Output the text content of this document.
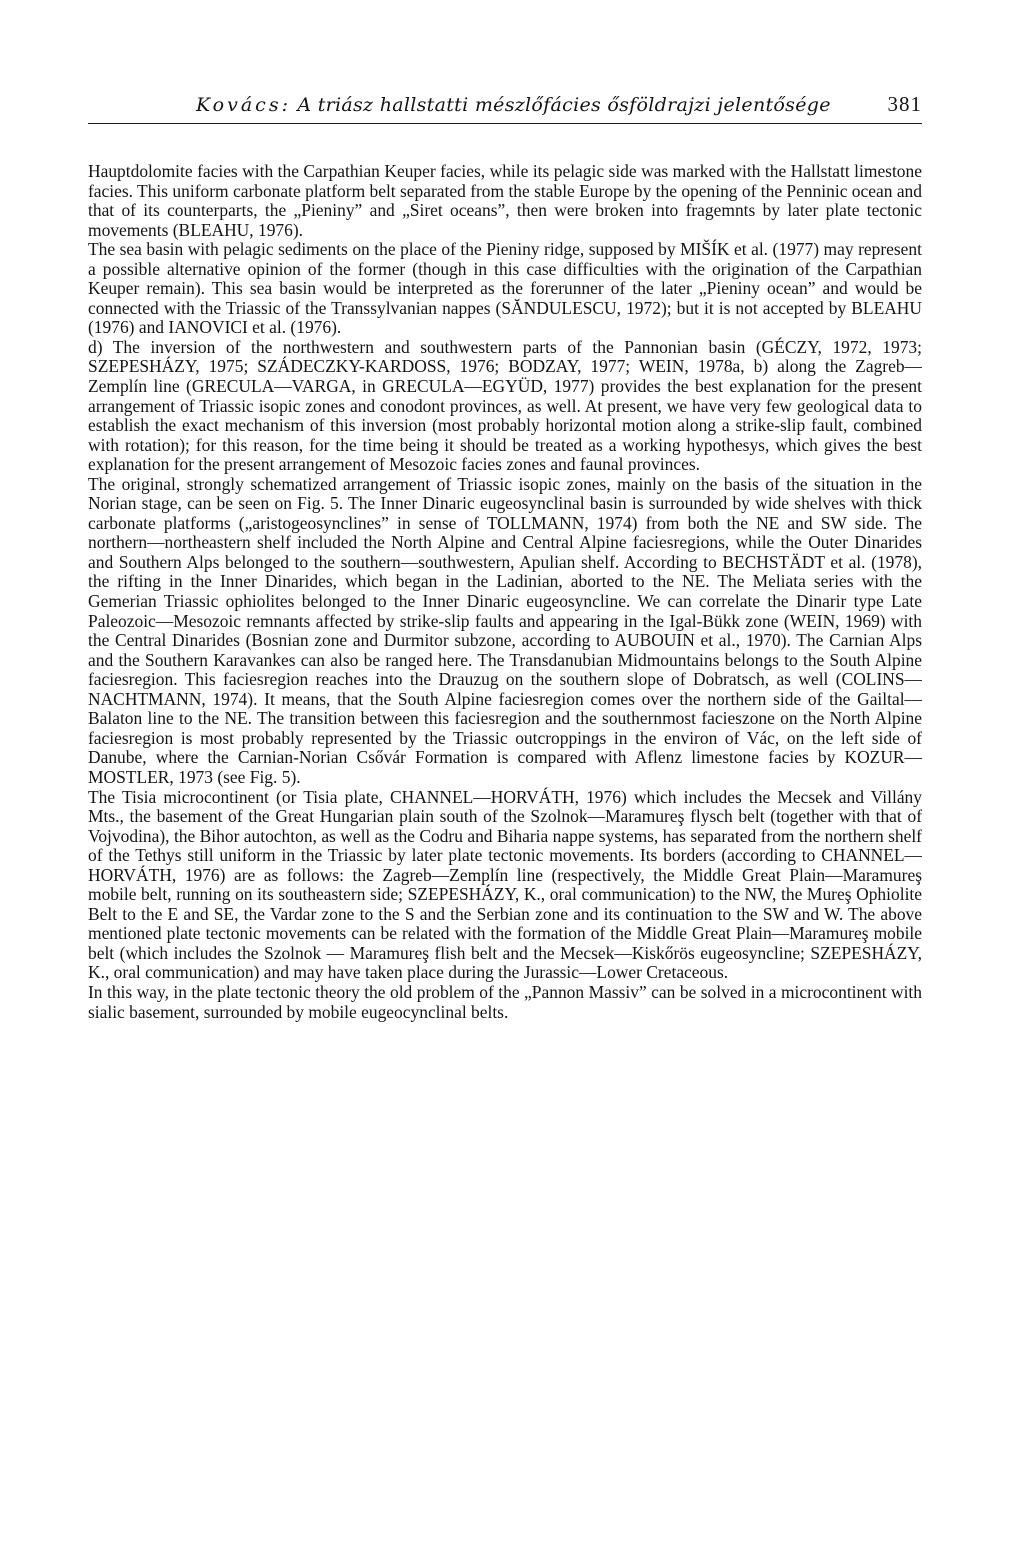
Kovács: A triász hallstatti mészlőfácies ősföldrajzi jelentősége	381

Hauptdolomite facies with the Carpathian Keuper facies, while its pelagic side was marked with the Hallstatt limestone facies. This uniform carbonate platform belt separated from the stable Europe by the opening of the Penninic ocean and that of its counterparts, the „Pieniny” and „Siret oceans”, then were broken into fragemnts by later plate tectonic movements (BLEAHU, 1976).

The sea basin with pelagic sediments on the place of the Pieniny ridge, supposed by MIŠÍK et al. (1977) may represent a possible alternative opinion of the former (though in this case difficulties with the origination of the Carpathian Keuper remain). This sea basin would be interpreted as the forerunner of the later „Pieniny ocean” and would be connected with the Triassic of the Transsylvanian nappes (SĂNDULESCU, 1972); but it is not accepted by BLEAHU (1976) and IANOVICI et al. (1976).

d) The inversion of the northwestern and southwestern parts of the Pannonian basin (GÉCZY, 1972, 1973; SZEPESHÁZY, 1975; SZÁDECZKY-KARDOSS, 1976; BODZAY, 1977; WEIN, 1978a, b) along the Zagreb—Zemplín line (GRECULA—VARGA, in GRECULA—EGYÜD, 1977) provides the best explanation for the present arrangement of Triassic isopic zones and conodont provinces, as well. At present, we have very few geological data to establish the exact mechanism of this inversion (most probably horizontal motion along a strike-slip fault, combined with rotation); for this reason, for the time being it should be treated as a working hypothesys, which gives the best explanation for the present arrangement of Mesozoic facies zones and faunal provinces.

The original, strongly schematized arrangement of Triassic isopic zones, mainly on the basis of the situation in the Norian stage, can be seen on Fig. 5. The Inner Dinaric eugeosynclinal basin is surrounded by wide shelves with thick carbonate platforms („aristogeosynclines” in sense of TOLLMANN, 1974) from both the NE and SW side. The northern—northeastern shelf included the North Alpine and Central Alpine faciesregions, while the Outer Dinarides and Southern Alps belonged to the southern—southwestern, Apulian shelf. According to BECHSTÄDT et al. (1978), the rifting in the Inner Dinarides, which began in the Ladinian, aborted to the NE. The Meliata series with the Gemerian Triassic ophiolites belonged to the Inner Dinaric eugeosyncline. We can correlate the Dinarir type Late Paleozoic—Mesozoic remnants affected by strike-slip faults and appearing in the Igal-Bükk zone (WEIN, 1969) with the Central Dinarides (Bosnian zone and Durmitor subzone, according to AUBOUIN et al., 1970). The Carnian Alps and the Southern Karavankes can also be ranged here. The Transdanubian Midmountains belongs to the South Alpine faciesregion. This faciesregion reaches into the Drauzug on the southern slope of Dobratsch, as well (COLINS—NACHTMANN, 1974). It means, that the South Alpine faciesregion comes over the northern side of the Gailtal—Balaton line to the NE. The transition between this faciesregion and the southernmost facieszone on the North Alpine faciesregion is most probably represented by the Triassic outcroppings in the environ of Vác, on the left side of Danube, where the Carnian-Norian Csővár Formation is compared with Aflenz limestone facies by KOZUR—MOSTLER, 1973 (see Fig. 5).

The Tisia microcontinent (or Tisia plate, CHANNEL—HORVÁTH, 1976) which includes the Mecsek and Villány Mts., the basement of the Great Hungarian plain south of the Szolnok—Maramureş flysch belt (together with that of Vojvodina), the Bihor autochton, as well as the Codru and Biharia nappe systems, has separated from the northern shelf of the Tethys still uniform in the Triassic by later plate tectonic movements. Its borders (according to CHANNEL—HORVÁTH, 1976) are as follows: the Zagreb—Zemplín line (respectively, the Middle Great Plain—Maramureş mobile belt, running on its southeastern side; SZEPESHÁZY, K., oral communication) to the NW, the Mureş Ophiolite Belt to the E and SE, the Vardar zone to the S and the Serbian zone and its continuation to the SW and W. The above mentioned plate tectonic movements can be related with the formation of the Middle Great Plain—Maramureş mobile belt (which includes the Szolnok — Maramureş flish belt and the Mecsek—Kiskőrös eugeosyncline; SZEPESHÁZY, K., oral communication) and may have taken place during the Jurassic—Lower Cretaceous.

In this way, in the plate tectonic theory the old problem of the „Pannon Massiv” can be solved in a microcontinent with sialic basement, surrounded by mobile eugeocynclinal belts.
